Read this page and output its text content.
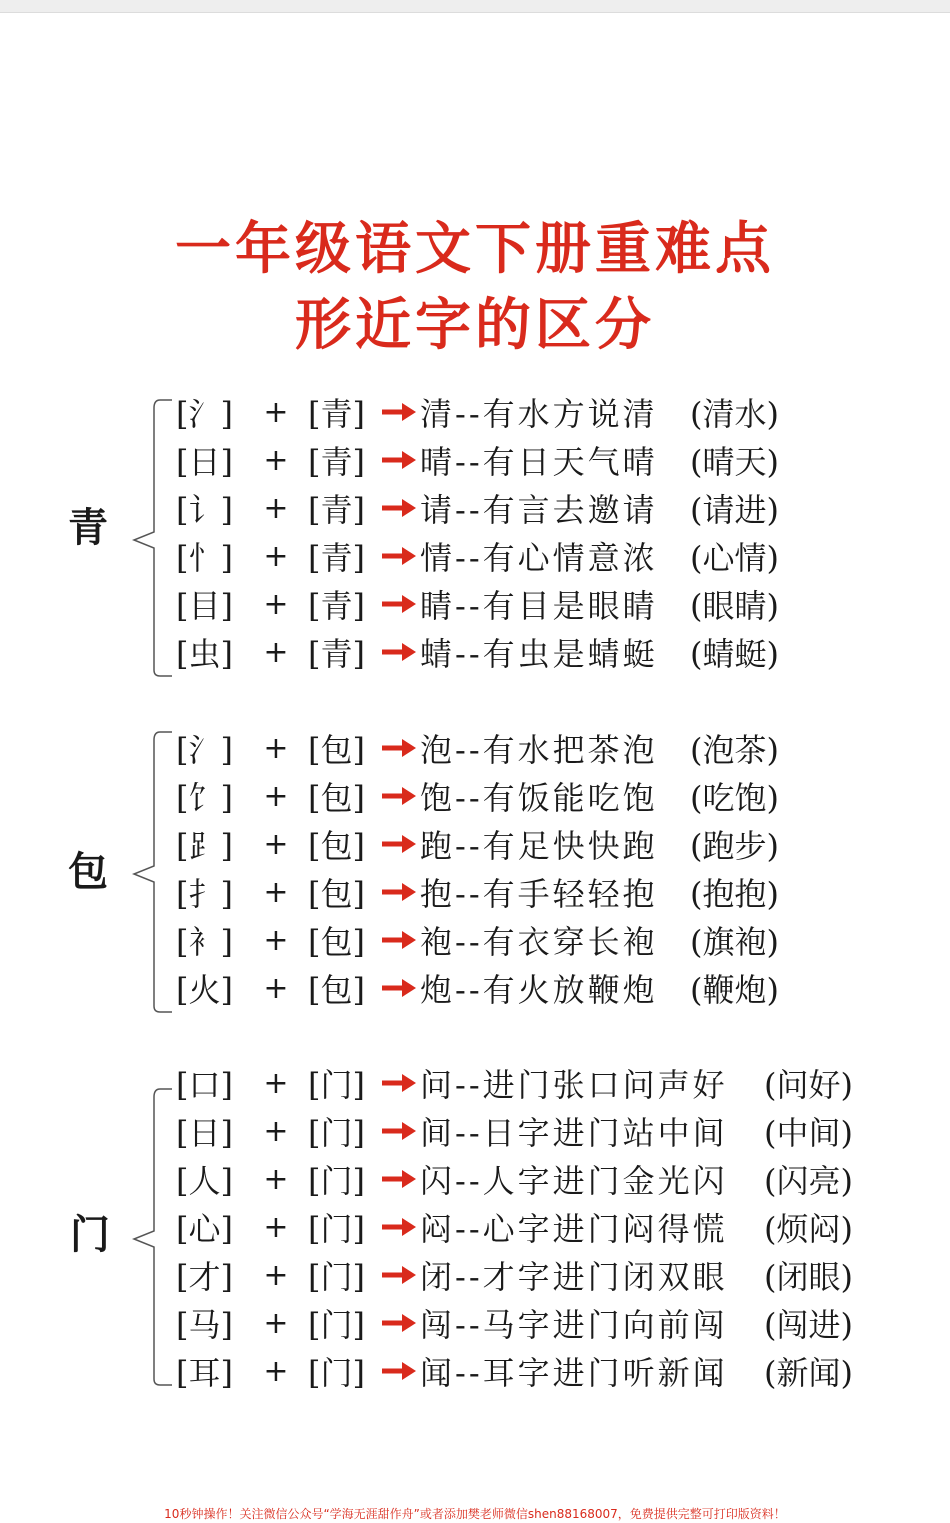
一年级语文下册重难点
形近字的区分
青
[氵]	+ [青]	清--有水方说清 (清水)
[日]	+ [青]	晴--有日天气晴 (晴天)
[讠]	+ [青]	请--有言去邀请 (请进)
[忄]	+ [青]	情--有心情意浓 (心情)
[目]	+ [青]	睛--有目是眼睛 (眼睛)
[虫]	+ [青]	蜻--有虫是蜻蜓 (蜻蜓)
包
[氵]	+ [包]	泡--有水把茶泡 (泡茶)
[饣]	+ [包]	饱--有饭能吃饱 (吃饱)
[⻊]	+ [包]	跑--有足快快跑 (跑步)
[扌]	+ [包]	抱--有手轻轻抱 (抱抱)
[衤]	+ [包]	袍--有衣穿长袍 (旗袍)
[火]	+ [包]	炮--有火放鞭炮 (鞭炮)
门
[口]	+ [门]	问--进门张口问声好 (问好)
[日]	+ [门]	间--日字进门站中间 (中间)
[人]	+ [门]	闪--人字进门金光闪 (闪亮)
[心]	+ [门]	闷--心字进门闷得慌 (烦闷)
[才]	+ [门]	闭--才字进门闭双眼 (闭眼)
[马]	+ [门]	闯--马字进门向前闯 (闯进)
[耳]	+ [门]	闻--耳字进门听新闻 (新闻)
10秒钟操作！关注微信公众号“学海无涯甜作舟”或者添加樊老师微信shen88168007，免费提供完整可打印版资料！
